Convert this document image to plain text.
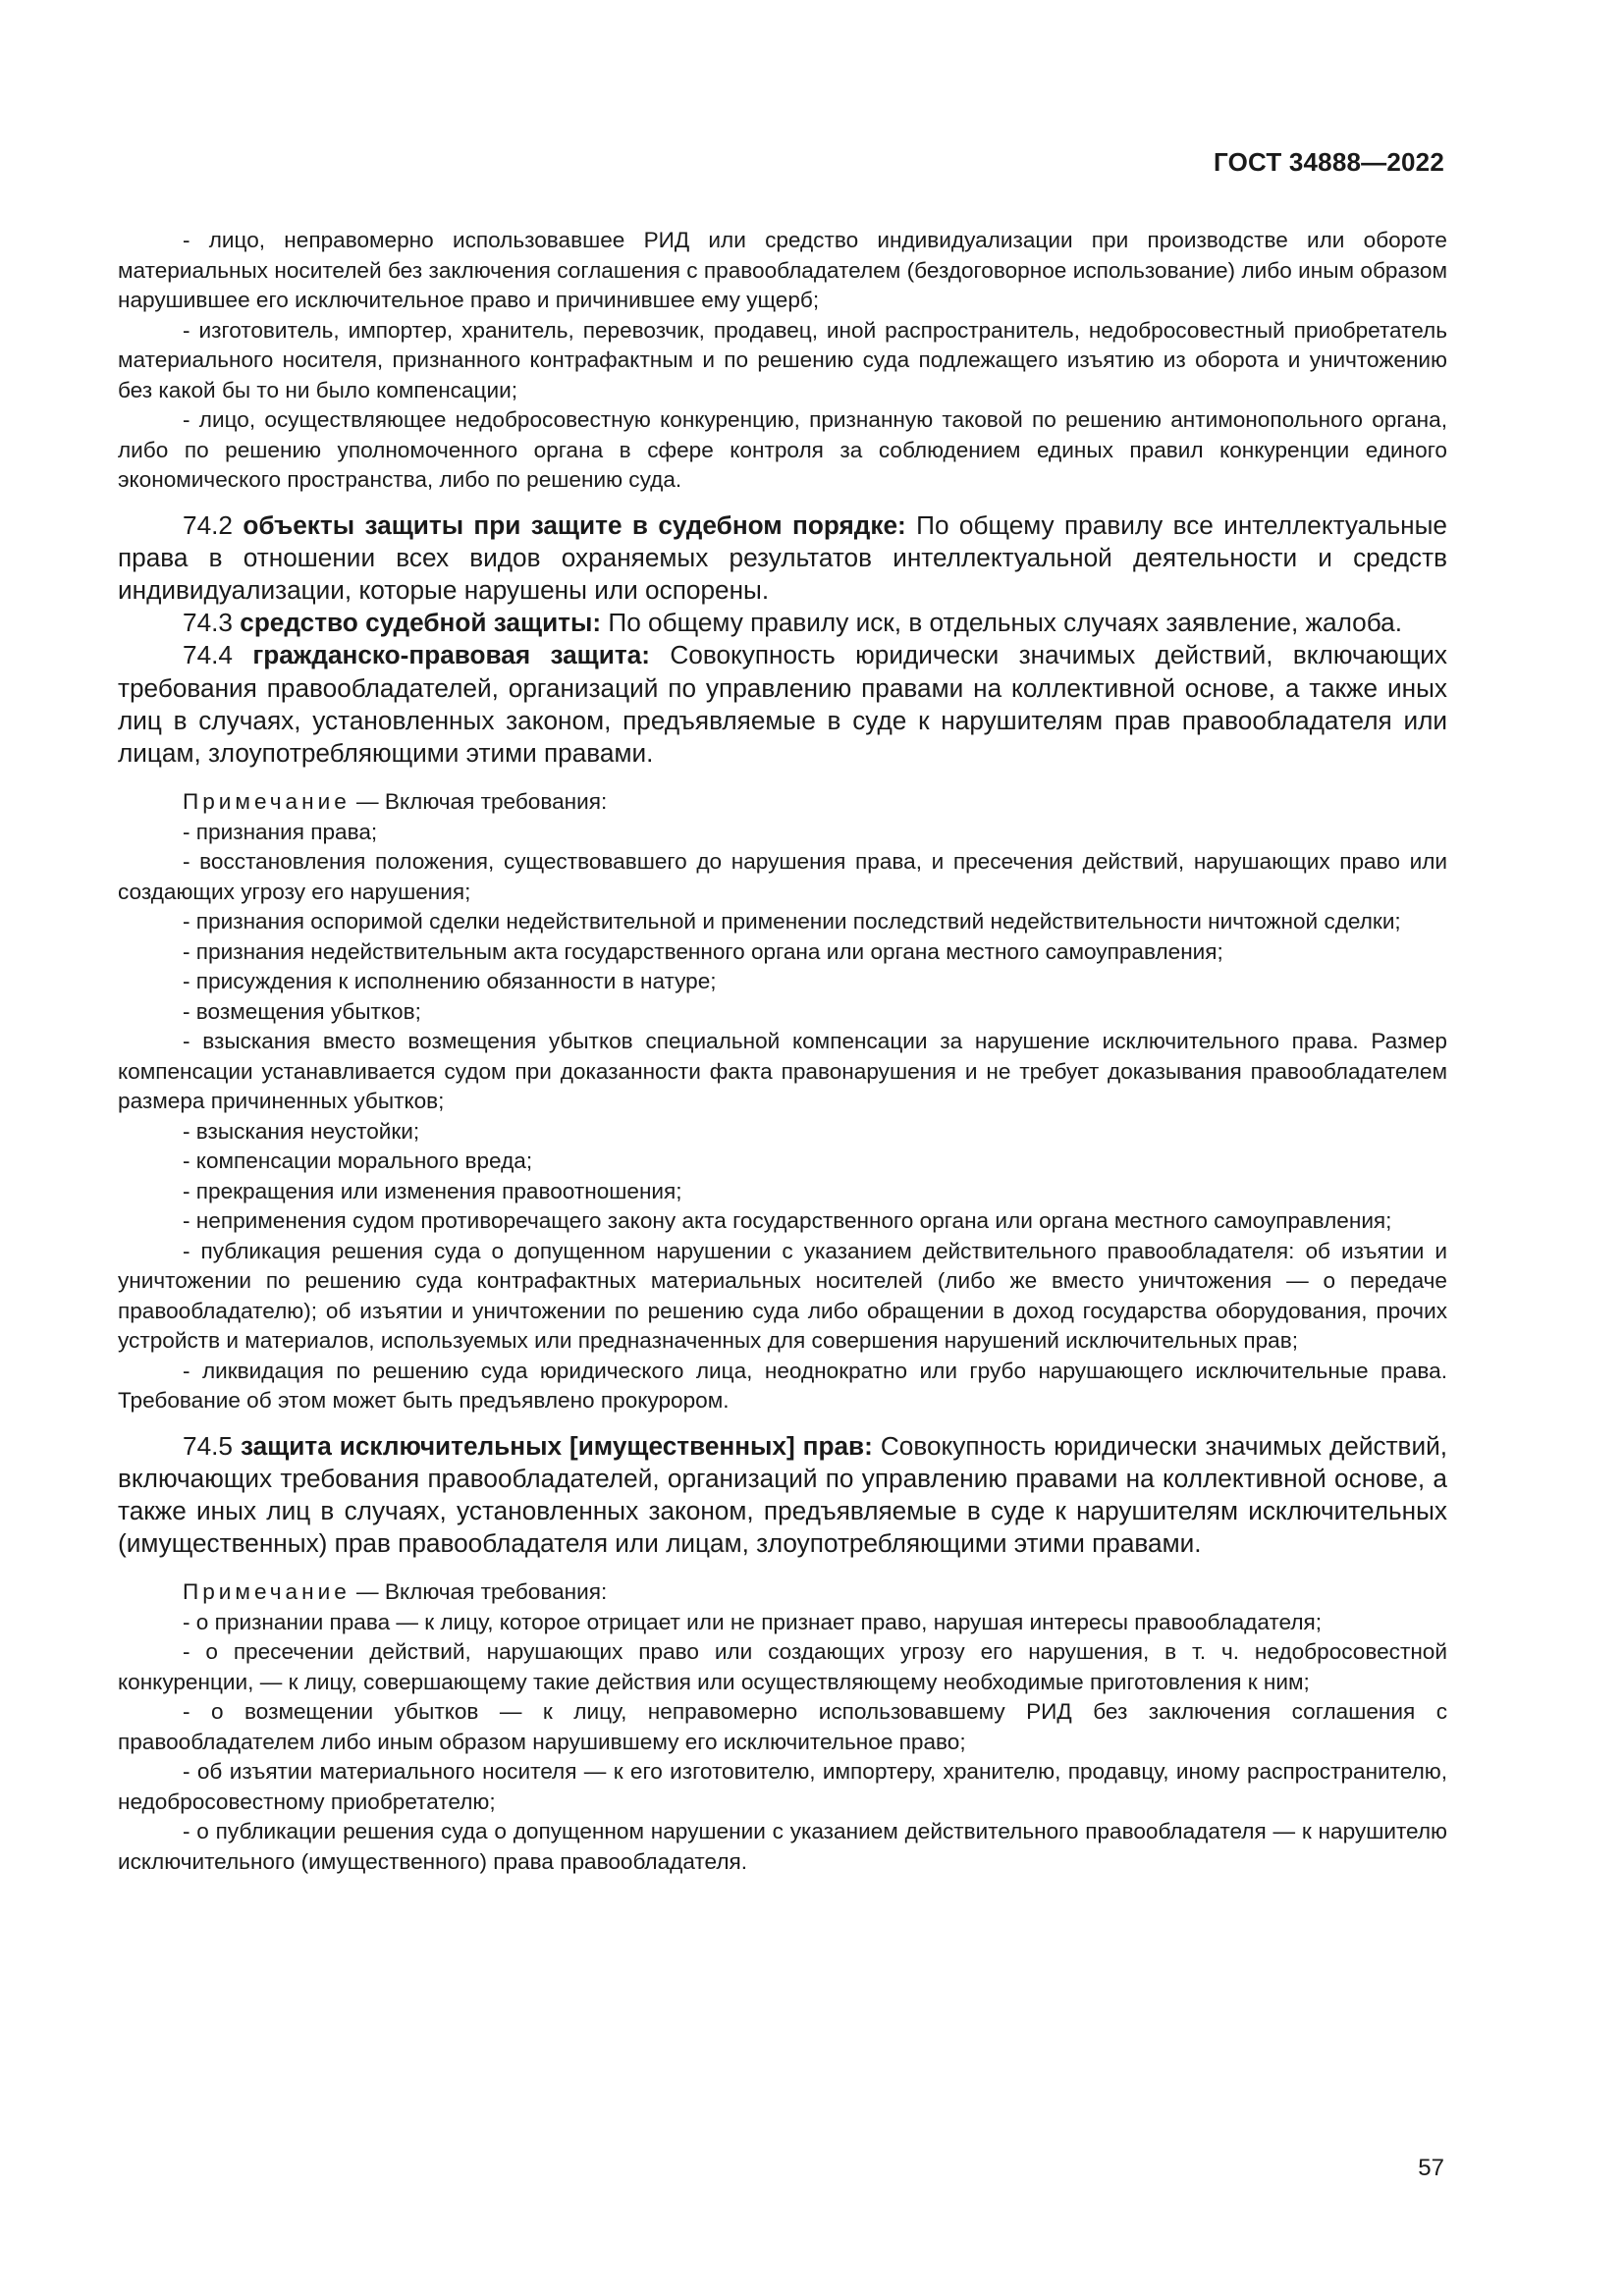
ГОСТ 34888—2022

- лицо, неправомерно использовавшее РИД или средство индивидуализации при производстве или обороте материальных носителей без заключения соглашения с правообладателем (бездоговорное использование) либо иным образом нарушившее его исключительное право и причинившее ему ущерб;

- изготовитель, импортер, хранитель, перевозчик, продавец, иной распространитель, недобросовестный приобретатель материального носителя, признанного контрафактным и по решению суда подлежащего изъятию из оборота и уничтожению без какой бы то ни было компенсации;

- лицо, осуществляющее недобросовестную конкуренцию, признанную таковой по решению антимонопольного органа, либо по решению уполномоченного органа в сфере контроля за соблюдением единых правил конкуренции единого экономического пространства, либо по решению суда.

74.2 объекты защиты при защите в судебном порядке: По общему правилу все интеллектуальные права в отношении всех видов охраняемых результатов интеллектуальной деятельности и средств индивидуализации, которые нарушены или оспорены.

74.3 средство судебной защиты: По общему правилу иск, в отдельных случаях заявление, жалоба.

74.4 гражданско-правовая защита: Совокупность юридически значимых действий, включающих требования правообладателей, организаций по управлению правами на коллективной основе, а также иных лиц в случаях, установленных законом, предъявляемые в суде к нарушителям прав правообладателя или лицам, злоупотребляющими этими правами.

Примечание — Включая требования:

- признания права;

- восстановления положения, существовавшего до нарушения права, и пресечения действий, нарушающих право или создающих угрозу его нарушения;

- признания оспоримой сделки недействительной и применении последствий недействительности ничтожной сделки;

- признания недействительным акта государственного органа или органа местного самоуправления;

- присуждения к исполнению обязанности в натуре;

- возмещения убытков;

- взыскания вместо возмещения убытков специальной компенсации за нарушение исключительного права. Размер компенсации устанавливается судом при доказанности факта правонарушения и не требует доказывания правообладателем размера причиненных убытков;

- взыскания неустойки;

- компенсации морального вреда;

- прекращения или изменения правоотношения;

- неприменения судом противоречащего закону акта государственного органа или органа местного самоуправления;

- публикация решения суда о допущенном нарушении с указанием действительного правообладателя: об изъятии и уничтожении по решению суда контрафактных материальных носителей (либо же вместо уничтожения — о передаче правообладателю); об изъятии и уничтожении по решению суда либо обращении в доход государства оборудования, прочих устройств и материалов, используемых или предназначенных для совершения нарушений исключительных прав;

- ликвидация по решению суда юридического лица, неоднократно или грубо нарушающего исключительные права. Требование об этом может быть предъявлено прокурором.

74.5 защита исключительных [имущественных] прав: Совокупность юридически значимых действий, включающих требования правообладателей, организаций по управлению правами на коллективной основе, а также иных лиц в случаях, установленных законом, предъявляемые в суде к нарушителям исключительных (имущественных) прав правообладателя или лицам, злоупотребляющими этими правами.

Примечание — Включая требования:

- о признании права — к лицу, которое отрицает или не признает право, нарушая интересы правообладателя;

- о пресечении действий, нарушающих право или создающих угрозу его нарушения, в т. ч. недобросовестной конкуренции, — к лицу, совершающему такие действия или осуществляющему необходимые приготовления к ним;

- о возмещении убытков — к лицу, неправомерно использовавшему РИД без заключения соглашения с правообладателем либо иным образом нарушившему его исключительное право;

- об изъятии материального носителя — к его изготовителю, импортеру, хранителю, продавцу, иному распространителю, недобросовестному приобретателю;

- о публикации решения суда о допущенном нарушении с указанием действительного правообладателя — к нарушителю исключительного (имущественного) права правообладателя.

57
